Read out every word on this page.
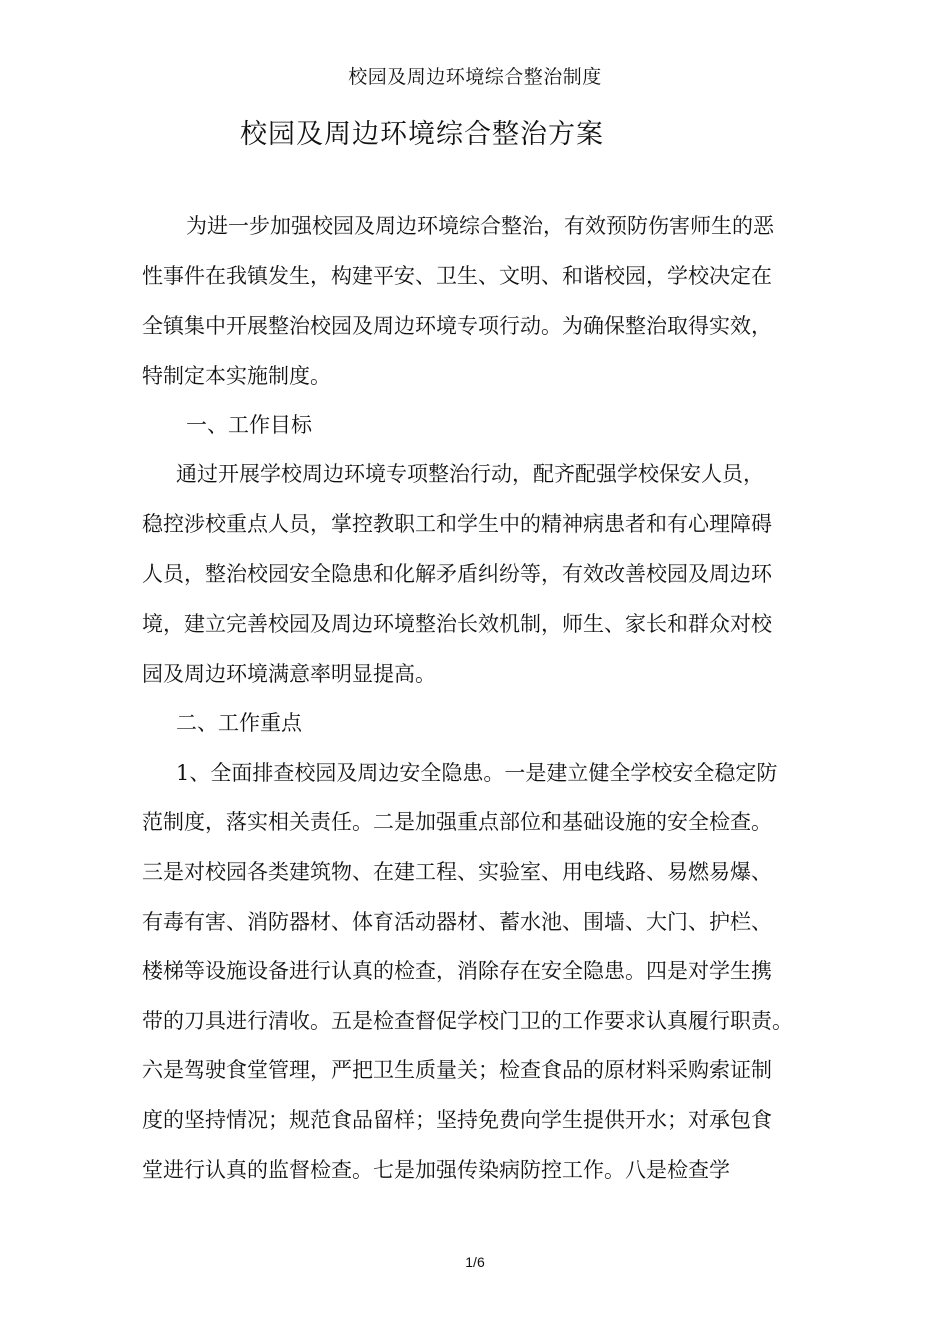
校园及周边环境综合整治制度
校园及周边环境综合整治方案
为进一步加强校园及周边环境综合整治，有效预防伤害师生的恶
性事件在我镇发生，构建平安、卫生、文明、和谐校园，学校决定在
全镇集中开展整治校园及周边环境专项行动。为确保整治取得实效，
特制定本实施制度。
一、工作目标
通过开展学校周边环境专项整治行动，配齐配强学校保安人员，
稳控涉校重点人员，掌控教职工和学生中的精神病患者和有心理障碍
人员，整治校园安全隐患和化解矛盾纠纷等，有效改善校园及周边环
境，建立完善校园及周边环境整治长效机制，师生、家长和群众对校
园及周边环境满意率明显提高。
二、工作重点
1、全面排查校园及周边安全隐患。一是建立健全学校安全稳定防
范制度，落实相关责任。二是加强重点部位和基础设施的安全检查。
三是对校园各类建筑物、在建工程、实验室、用电线路、易燃易爆、
有毒有害、消防器材、体育活动器材、蓄水池、围墙、大门、护栏、
楼梯等设施设备进行认真的检查，消除存在安全隐患。四是对学生携
带的刀具进行清收。五是检查督促学校门卫的工作要求认真履行职责。
六是驾驶食堂管理，严把卫生质量关；检查食品的原材料采购索证制
度的坚持情况；规范食品留样；坚持免费向学生提供开水；对承包食
堂进行认真的监督检查。七是加强传染病防控工作。八是检查学
1/6
